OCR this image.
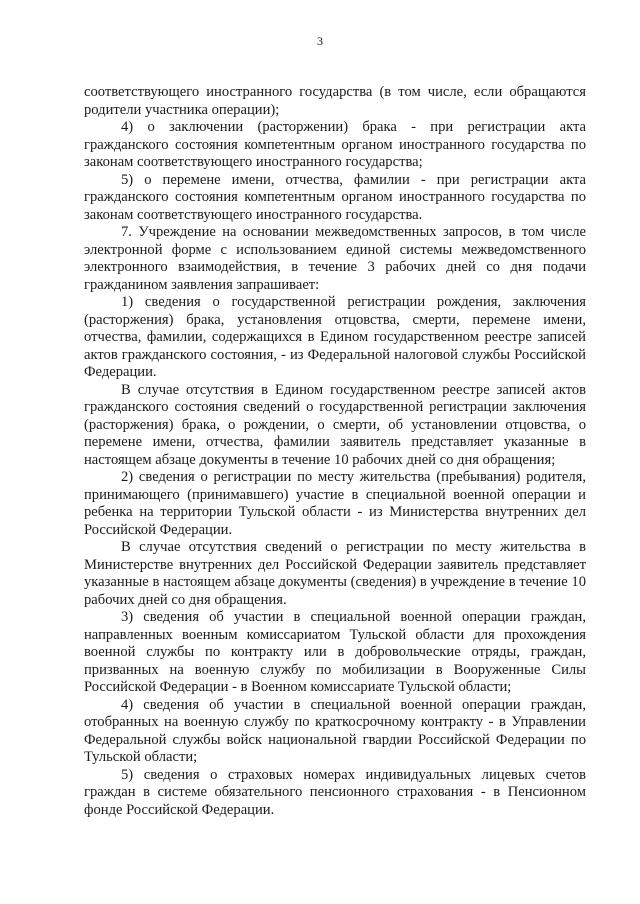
3

соответствующего иностранного государства (в том числе, если обращаются родители участника операции);

4) о заключении (расторжении) брака - при регистрации акта гражданского состояния компетентным органом иностранного государства по законам соответствующего иностранного государства;

5) о перемене имени, отчества, фамилии - при регистрации акта гражданского состояния компетентным органом иностранного государства по законам соответствующего иностранного государства.

7. Учреждение на основании межведомственных запросов, в том числе электронной форме с использованием единой системы межведомственного электронного взаимодействия, в течение 3 рабочих дней со дня подачи гражданином заявления запрашивает:

1) сведения о государственной регистрации рождения, заключения (расторжения) брака, установления отцовства, смерти, перемене имени, отчества, фамилии, содержащихся в Едином государственном реестре записей актов гражданского состояния, - из Федеральной налоговой службы Российской Федерации.

В случае отсутствия в Едином государственном реестре записей актов гражданского состояния сведений о государственной регистрации заключения (расторжения) брака, о рождении, о смерти, об установлении отцовства, о перемене имени, отчества, фамилии заявитель представляет указанные в настоящем абзаце документы в течение 10 рабочих дней со дня обращения;

2) сведения о регистрации по месту жительства (пребывания) родителя, принимающего (принимавшего) участие в специальной военной операции и ребенка на территории Тульской области - из Министерства внутренних дел Российской Федерации.

В случае отсутствия сведений о регистрации по месту жительства в Министерстве внутренних дел Российской Федерации заявитель представляет указанные в настоящем абзаце документы (сведения) в учреждение в течение 10 рабочих дней со дня обращения.

3) сведения об участии в специальной военной операции граждан, направленных военным комиссариатом Тульской области для прохождения военной службы по контракту или в добровольческие отряды, граждан, призванных на военную службу по мобилизации в Вооруженные Силы Российской Федерации - в Военном комиссариате Тульской области;

4) сведения об участии в специальной военной операции граждан, отобранных на военную службу по краткосрочному контракту - в Управлении Федеральной службы войск национальной гвардии Российской Федерации по Тульской области;

5) сведения о страховых номерах индивидуальных лицевых счетов граждан в системе обязательного пенсионного страхования - в Пенсионном фонде Российской Федерации.
